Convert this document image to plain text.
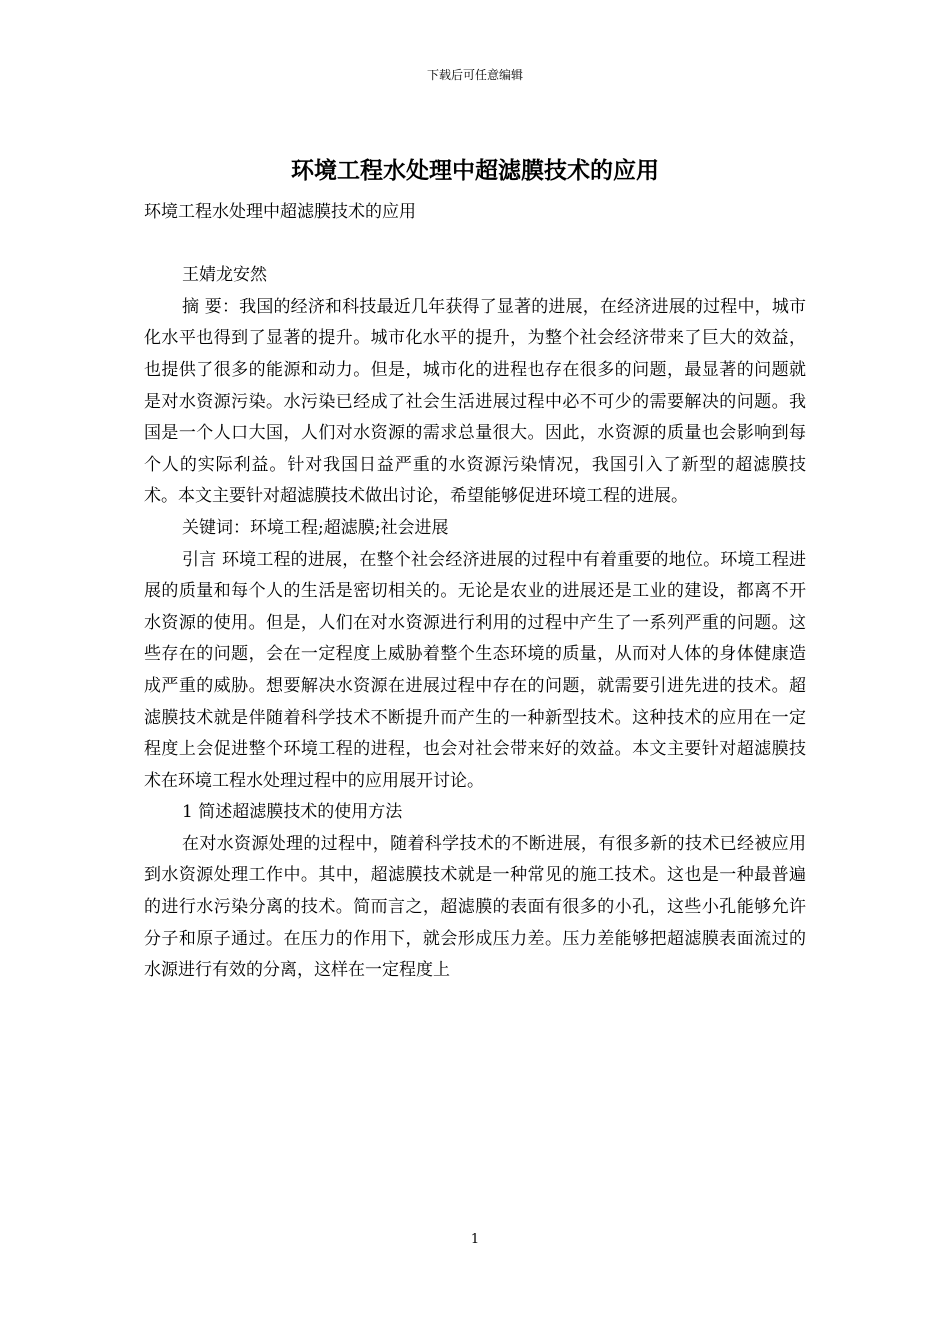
下载后可任意编辑
环境工程水处理中超滤膜技术的应用

环境工程水处理中超滤膜技术的应用

王婧龙安然

摘 要：我国的经济和科技最近几年获得了显著的进展，在经济进展的过程中，城市化水平也得到了显著的提升。城市化水平的提升，为整个社会经济带来了巨大的效益，也提供了很多的能源和动力。但是，城市化的进程也存在很多的问题，最显著的问题就是对水资源污染。水污染已经成了社会生活进展过程中必不可少的需要解决的问题。我国是一个人口大国，人们对水资源的需求总量很大。因此，水资源的质量也会影响到每个人的实际利益。针对我国日益严重的水资源污染情况，我国引入了新型的超滤膜技术。本文主要针对超滤膜技术做出讨论，希望能够促进环境工程的进展。

关键词：环境工程;超滤膜;社会进展

引言 环境工程的进展，在整个社会经济进展的过程中有着重要的地位。环境工程进展的质量和每个人的生活是密切相关的。无论是农业的进展还是工业的建设，都离不开水资源的使用。但是，人们在对水资源进行利用的过程中产生了一系列严重的问题。这些存在的问题，会在一定程度上威胁着整个生态环境的质量，从而对人体的身体健康造成严重的威胁。想要解决水资源在进展过程中存在的问题，就需要引进先进的技术。超滤膜技术就是伴随着科学技术不断提升而产生的一种新型技术。这种技术的应用在一定程度上会促进整个环境工程的进程，也会对社会带来好的效益。本文主要针对超滤膜技术在环境工程水处理过程中的应用展开讨论。

1 简述超滤膜技术的使用方法

在对水资源处理的过程中，随着科学技术的不断进展，有很多新的技术已经被应用到水资源处理工作中。其中，超滤膜技术就是一种常见的施工技术。这也是一种最普遍的进行水污染分离的技术。简而言之，超滤膜的表面有很多的小孔，这些小孔能够允许分子和原子通过。在压力的作用下，就会形成压力差。压力差能够把超滤膜表面流过的水源进行有效的分离，这样在一定程度上

1
